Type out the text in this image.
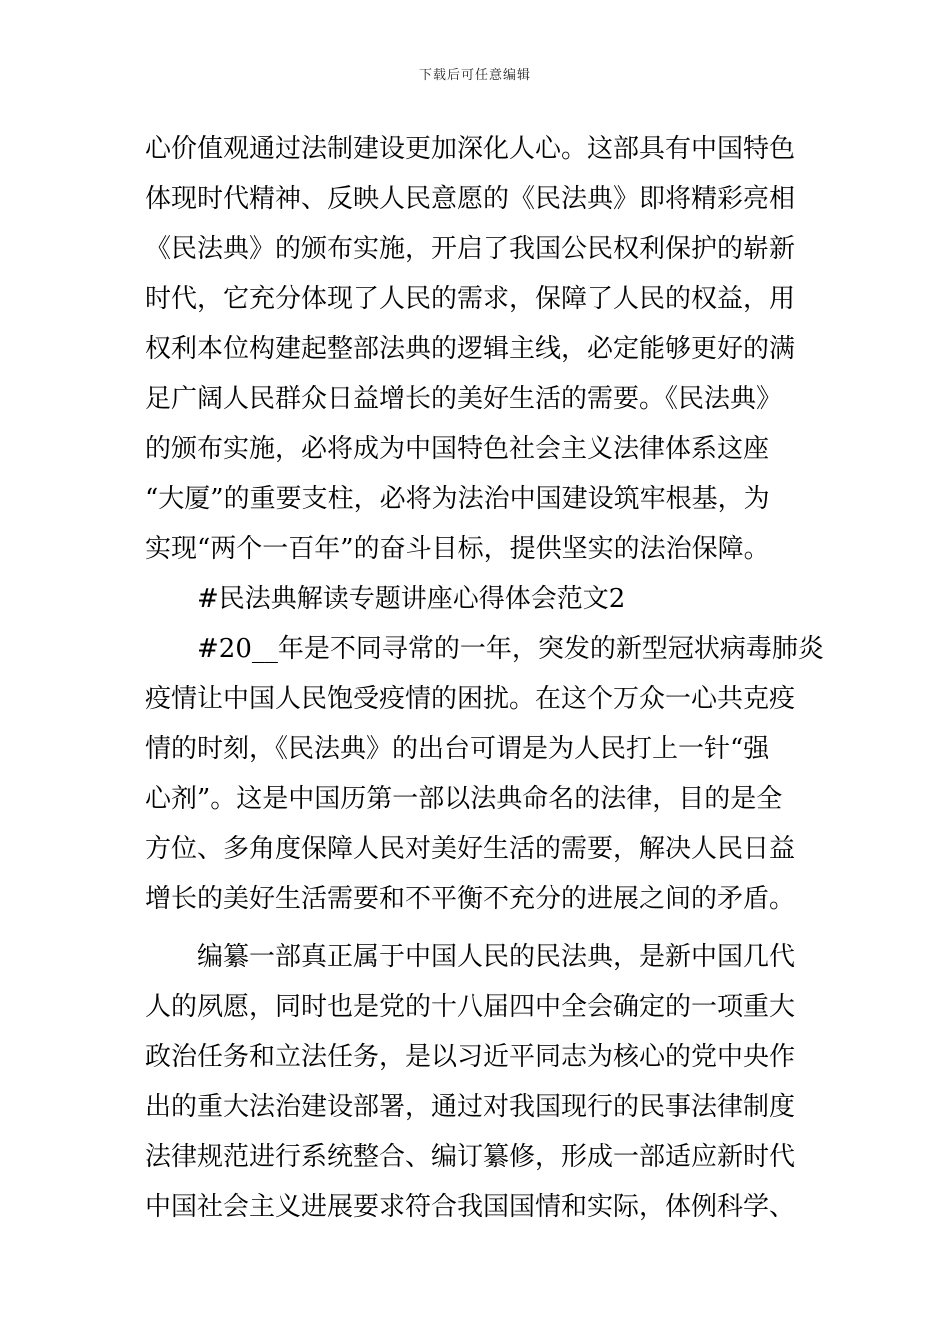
下载后可任意编辑
心价值观通过法制建设更加深化人心。这部具有中国特色
体现时代精神、反映人民意愿的《民法典》即将精彩亮相
《民法典》的颁布实施，开启了我国公民权利保护的崭新
时代，它充分体现了人民的需求，保障了人民的权益，用
权利本位构建起整部法典的逻辑主线，必定能够更好的满
足广阔人民群众日益增长的美好生活的需要。《民法典》
的颁布实施，必将成为中国特色社会主义法律体系这座
“大厦”的重要支柱，必将为法治中国建设筑牢根基，为
实现“两个一百年”的奋斗目标，提供坚实的法治保障。
#民法典解读专题讲座心得体会范文2
#20__年是不同寻常的一年，突发的新型冠状病毒肺炎
疫情让中国人民饱受疫情的困扰。在这个万众一心共克疫
情的时刻，《民法典》的出台可谓是为人民打上一针“强
心剂”。这是中国历第一部以法典命名的法律，目的是全
方位、多角度保障人民对美好生活的需要，解决人民日益
增长的美好生活需要和不平衡不充分的进展之间的矛盾。
编纂一部真正属于中国人民的民法典，是新中国几代
人的夙愿，同时也是党的十八届四中全会确定的一项重大
政治任务和立法任务，是以习近平同志为核心的党中央作
出的重大法治建设部署，通过对我国现行的民事法律制度
法律规范进行系统整合、编订纂修，形成一部适应新时代
中国社会主义进展要求符合我国国情和实际，体例科学、
